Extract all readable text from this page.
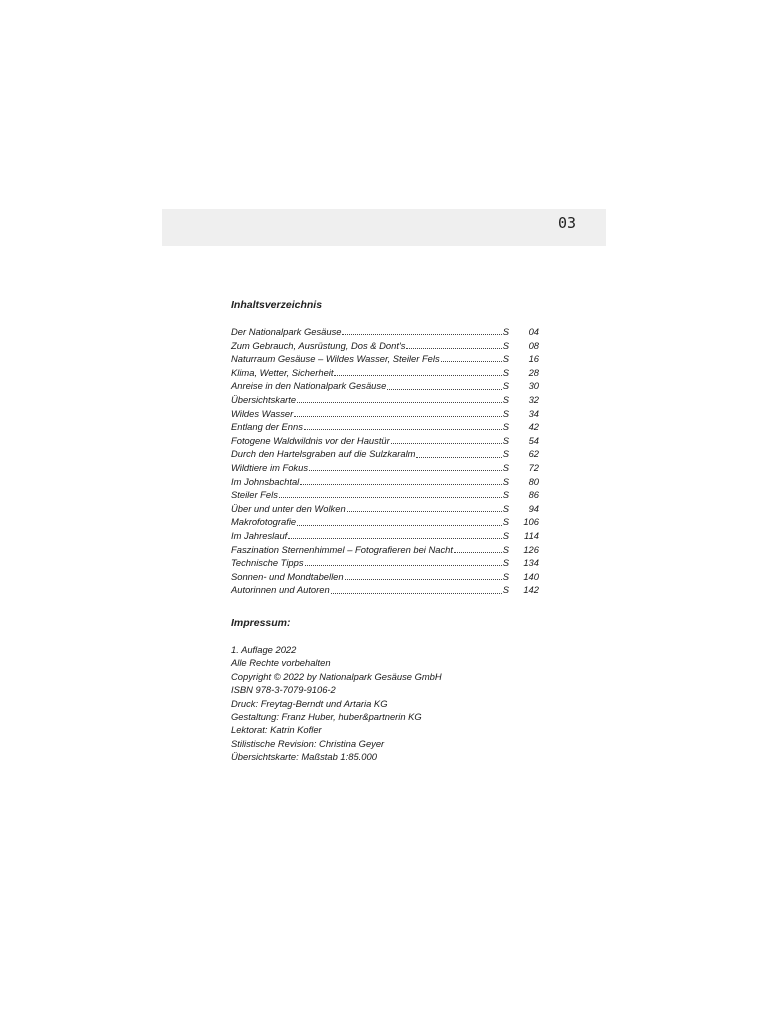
03
Inhaltsverzeichnis
Der Nationalpark Gesäuse	S	04
Zum Gebrauch, Ausrüstung, Dos & Dont's	S	08
Naturraum Gesäuse – Wildes Wasser, Steiler Fels	S	16
Klima, Wetter, Sicherheit	S	28
Anreise in den Nationalpark Gesäuse	S	30
Übersichtskarte	S	32
Wildes Wasser	S	34
Entlang der Enns	S	42
Fotogene Waldwildnis vor der Haustür	S	54
Durch den Hartelsgraben auf die Sulzkaralm	S	62
Wildtiere im Fokus	S	72
Im Johnsbachtal	S	80
Steiler Fels	S	86
Über und unter den Wolken	S	94
Makrofotografie	S	106
Im Jahreslauf	S	114
Faszination Sternenhimmel – Fotografieren bei Nacht	S	126
Technische Tipps	S	134
Sonnen- und Mondtabellen	S	140
Autorinnen und Autoren	S	142
Impressum:
1. Auflage 2022
Alle Rechte vorbehalten
Copyright © 2022 by Nationalpark Gesäuse GmbH
ISBN 978-3-7079-9106-2
Druck: Freytag-Berndt und Artaria KG
Gestaltung: Franz Huber, huber&partnerin KG
Lektorat: Katrin Kofler
Stilistische Revision: Christina Geyer
Übersichtskarte: Maßstab 1:85.000
